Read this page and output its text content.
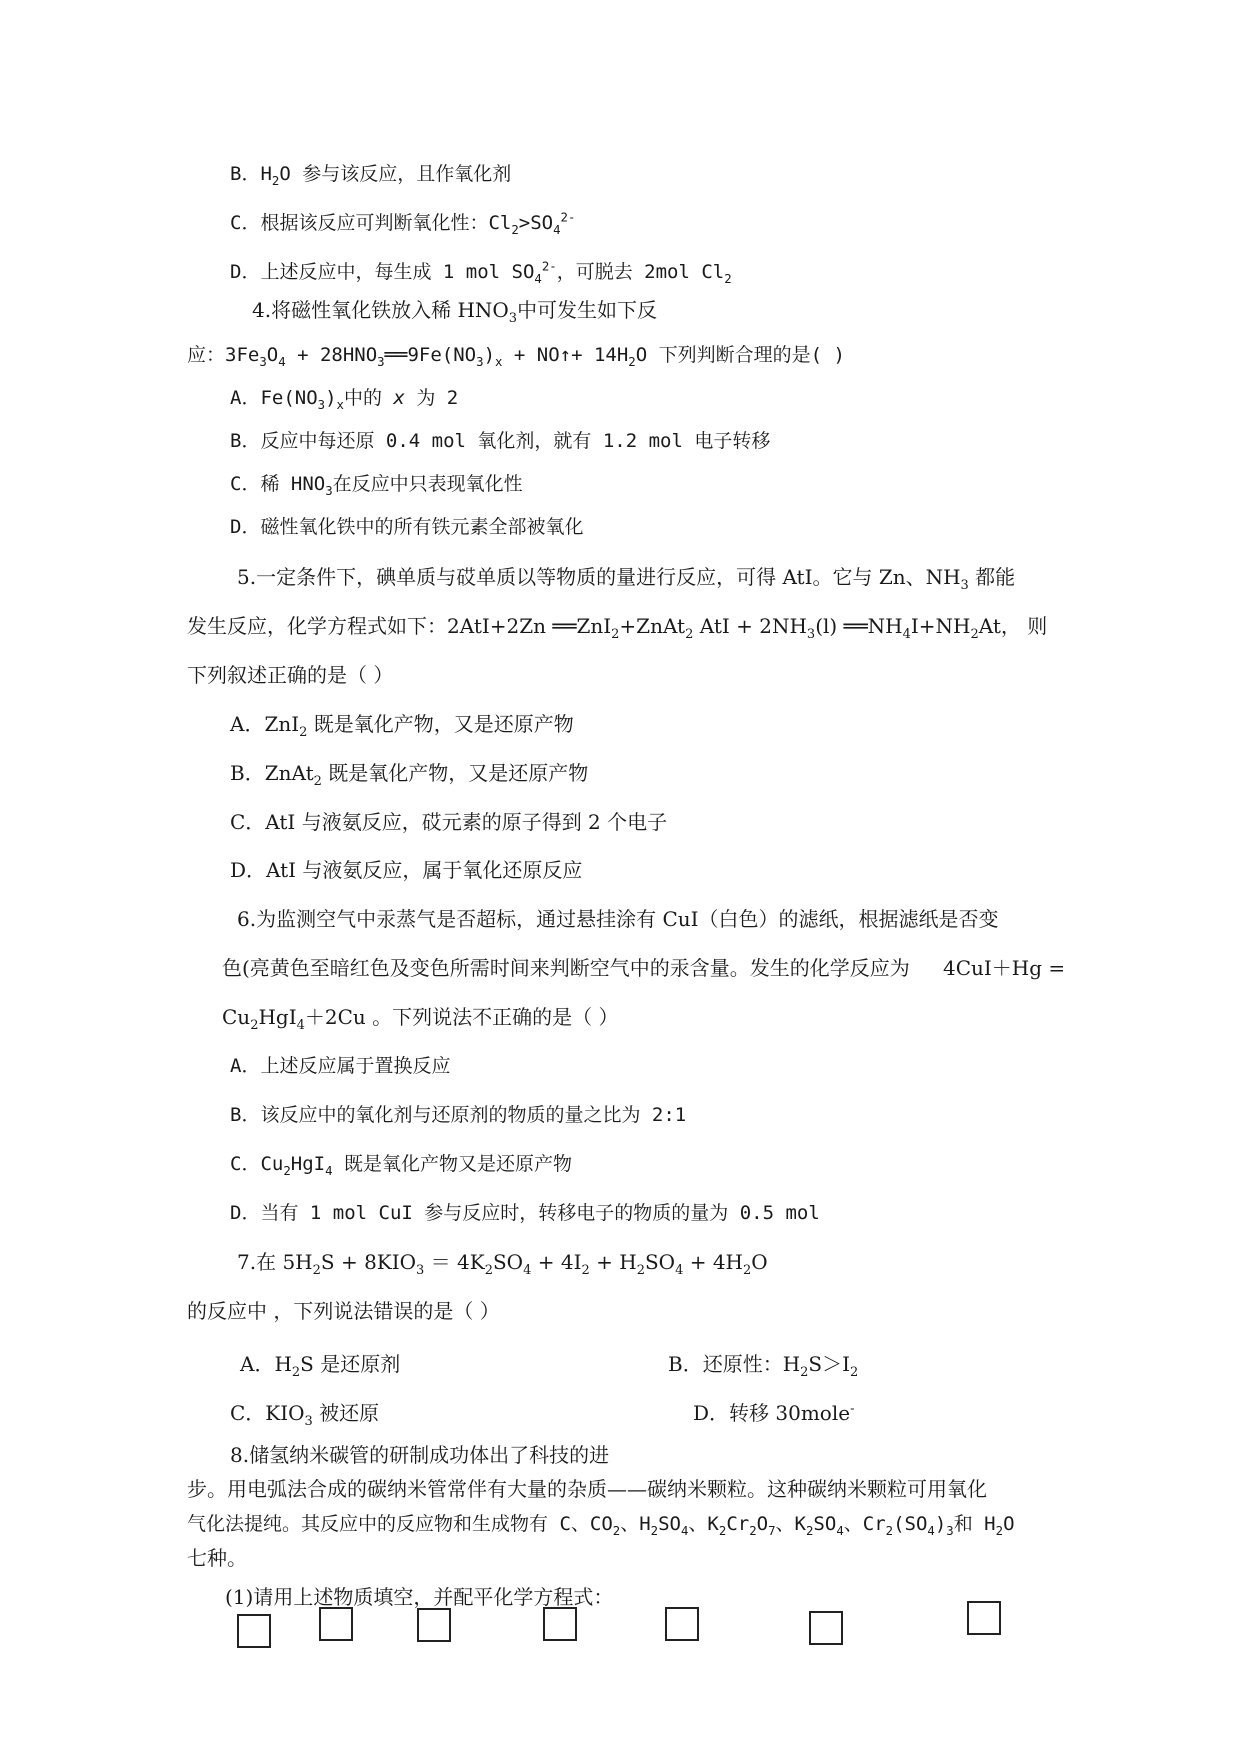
B．$H_2O$ 参与该反应，且作氧化剂
C．根据该反应可判断氧化性：$Cl_2>SO_4^{2-}$
D．上述反应中，每生成 1 mol $SO_4^{2-}$，可脱去 2mol $Cl_2$
4.将磁性氧化铁放入稀 $HNO_3$中可发生如下反
应：$3Fe_3O_4$ + $28HNO_3══9Fe(NO_3)_x$ + NO↑+ $14H_2O$ 下列判断合理的是( )
A．$Fe(NO_3)_x$中的 x 为 2
B．反应中每还原 0.4 mol 氧化剂，就有 1.2 mol 电子转移
C．稀 $HNO_3$在反应中只表现氧化性
D．磁性氧化铁中的所有铁元素全部被氧化
5.一定条件下，碘单质与砹单质以等物质的量进行反应，可得 AtI。它与 Zn、$NH_3$ 都能
发生反应，化学方程式如下：2AtI+2Zn ══ZnI$_2$+ZnAt$_2$ AtI + $2NH_3(l)$ $══NH_4I+NH_2At$， 则
下列叙述正确的是（ ）
A．ZnI$_2$ 既是氧化产物，又是还原产物
B．ZnAt$_2$ 既是氧化产物，又是还原产物
C．AtI 与液氨反应，砹元素的原子得到 2 个电子
D．AtI 与液氨反应，属于氧化还原反应
6.为监测空气中汞蒸气是否超标，通过悬挂涂有 CuI（白色）的滤纸，根据滤纸是否变
色(亮黄色至暗红色及变色所需时间来判断空气中的汞含量。发生的化学反应为 4CuI＋Hg =
$Cu_2HgI_4+2Cu$ 。下列说法不正确的是（ ）
A．上述反应属于置换反应
B．该反应中的氧化剂与还原剂的物质的量之比为 2:1
C．$Cu_2HgI_4$ 既是氧化产物又是还原产物
D．当有 1 mol CuI 参与反应时，转移电子的物质的量为 0.5 mol
7.在 $5H_2S + 8KIO_3 = 4K_2SO_4 + 4I_2 + H_2SO_4 + 4H_2O$
的反应中 ，下列说法错误的是（ ）
A．$H_2S$ 是还原剂	B．还原性：$H_2S>I_2$
C．$KIO_3$ 被还原	D．转移 30mole-
8.储氢纳米碳管的研制成功体出了科技的进
步。用电弧法合成的碳纳米管常伴有大量的杂质——碳纳米颗粒。这种碳纳米颗粒可用氧化
气化法提纯。其反应中的反应物和生成物有 C、$CO_2$、$H_2SO_4$、$K_2Cr_2O_7$、$K_2SO_4$、$Cr_2(SO_4)_3$和 $H_2O$
七种。
(1)请用上述物质填空，并配平化学方程式：
